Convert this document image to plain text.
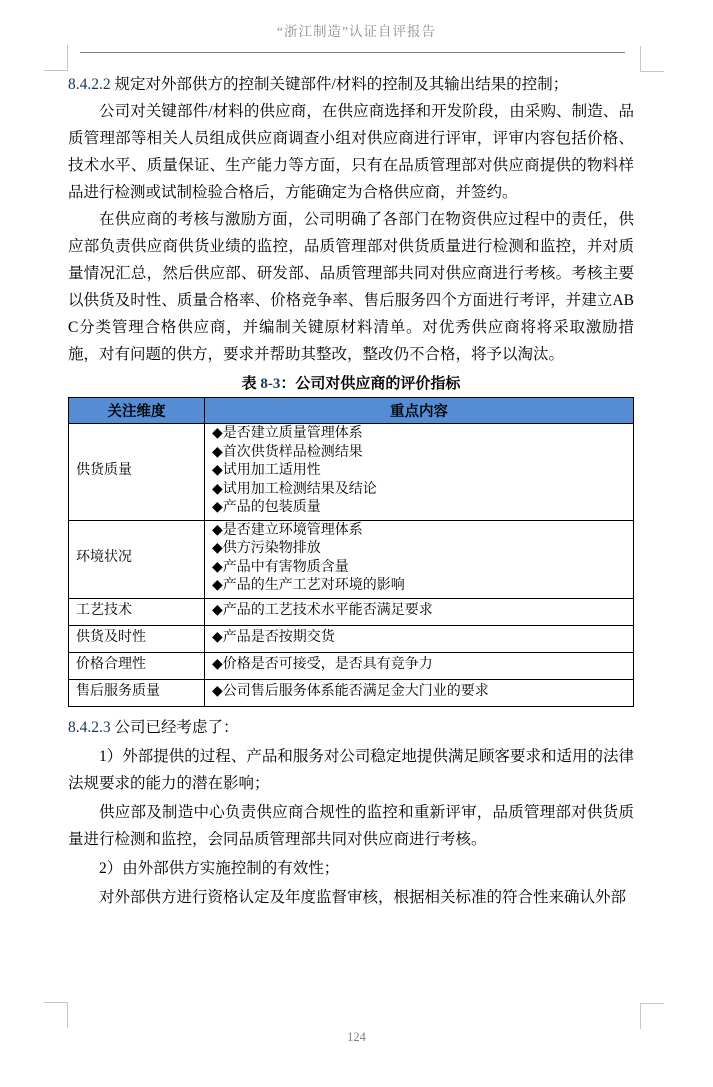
“浙江制造”认证自评报告

8.4.2.2 规定对外部供方的控制关键部件/材料的控制及其输出结果的控制；

公司对关键部件/材料的供应商，在供应商选择和开发阶段，由采购、制造、品质管理部等相关人员组成供应商调查小组对供应商进行评审，评审内容包括价格、技术水平、质量保证、生产能力等方面，只有在品质管理部对供应商提供的物料样品进行检测或试制检验合格后，方能确定为合格供应商，并签约。

在供应商的考核与激励方面，公司明确了各部门在物资供应过程中的责任，供应部负责供应商供货业绩的监控，品质管理部对供货质量进行检测和监控，并对质量情况汇总，然后供应部、研发部、品质管理部共同对供应商进行考核。考核主要以供货及时性、质量合格率、价格竞争率、售后服务四个方面进行考评，并建立ABC分类管理合格供应商，并编制关键原材料清单。对优秀供应商将将采取激励措施，对有问题的供方，要求并帮助其整改，整改仍不合格，将予以淘汰。

表 8-3：公司对供应商的评价指标

关注维度	重点内容
供货质量	◆是否建立质量管理体系
◆首次供货样品检测结果
◆试用加工适用性
◆试用加工检测结果及结论
◆产品的包装质量

环境状况	◆是否建立环境管理体系
◆供方污染物排放
◆产品中有害物质含量
◆产品的生产工艺对环境的影响

工艺技术	◆产品的工艺技术水平能否满足要求

供货及时性	◆产品是否按期交货

价格合理性	◆价格是否可接受，是否具有竞争力

售后服务质量	◆公司售后服务体系能否满足金大门业的要求

8.4.2.3 公司已经考虑了：

1）外部提供的过程、产品和服务对公司稳定地提供满足顾客要求和适用的法律法规要求的能力的潜在影响；

供应部及制造中心负责供应商合规性的监控和重新评审，品质管理部对供货质量进行检测和监控，会同品质管理部共同对供应商进行考核。

2）由外部供方实施控制的有效性；

对外部供方进行资格认定及年度监督审核，根据相关标准的符合性来确认外部

124
